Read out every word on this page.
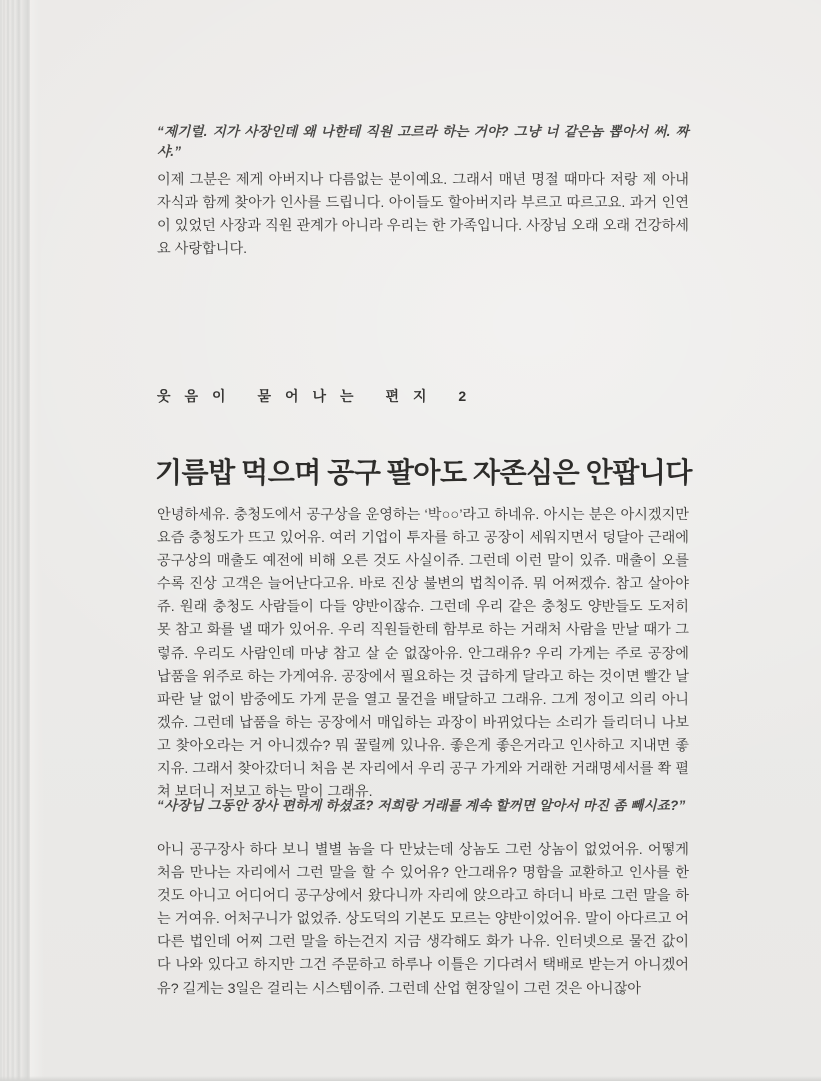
“제기럴. 지가 사장인데 왜 나한테 직원 고르라 하는 거야? 그냥 너 같은놈 뽑아서 써. 짜샤.”
이제 그분은 제게 아버지나 다름없는 분이예요. 그래서 매년 명절 때마다 저랑 제 아내 자식과 함께 찾아가 인사를 드립니다. 아이들도 할아버지라 부르고 따르고요. 과거 인연이 있었던 사장과 직원 관계가 아니라 우리는 한 가족입니다. 사장님 오래 오래 건강하세요 사랑합니다.
웃음이 묻어나는 편지 2
기름밥 먹으며 공구 팔아도 자존심은 안팝니다
안녕하세유. 충청도에서 공구상을 운영하는 ‘박○○’라고 하네유. 아시는 분은 아시겠지만 요즘 충청도가 뜨고 있어유. 여러 기업이 투자를 하고 공장이 세워지면서 덩달아 근래에 공구상의 매출도 예전에 비해 오른 것도 사실이쥬. 그런데 이런 말이 있쥬. 매출이 오를수록 진상 고객은 늘어난다고유. 바로 진상 불변의 법칙이쥬. 뭐 어쩌겠슈. 참고 살아야쥬. 원래 충청도 사람들이 다들 양반이잖슈. 그런데 우리 같은 충청도 양반들도 도저히 못 참고 화를 낼 때가 있어유. 우리 직원들한테 함부로 하는 거래처 사람을 만날 때가 그렇쥬. 우리도 사람인데 마냥 참고 살 순 없잖아유. 안그래유? 우리 가게는 주로 공장에 납품을 위주로 하는 가게여유. 공장에서 필요하는 것 급하게 달라고 하는 것이면 빨간 날 파란 날 없이 밤중에도 가게 문을 열고 물건을 배달하고 그래유. 그게 정이고 의리 아니겠슈. 그런데 납품을 하는 공장에서 매입하는 과장이 바뀌었다는 소리가 들리더니 나보고 찾아오라는 거 아니겠슈? 뭐 꿀릴께 있나유. 좋은게 좋은거라고 인사하고 지내면 좋지유. 그래서 찾아갔더니 처음 본 자리에서 우리 공구 가게와 거래한 거래명세서를 쫙 펼쳐 보더니 저보고 하는 말이 그래유.
“사장님 그동안 장사 편하게 하셨죠? 저희랑 거래를 계속 할꺼면 알아서 마진 좀 빼시죠?”
아니 공구장사 하다 보니 별별 놈을 다 만났는데 상놈도 그런 상놈이 없었어유. 어떻게 처음 만나는 자리에서 그런 말을 할 수 있어유? 안그래유? 명함을 교환하고 인사를 한 것도 아니고 어디어디 공구상에서 왔다니까 자리에 앉으라고 하더니 바로 그런 말을 하는 거여유. 어처구니가 없었쥬. 상도덕의 기본도 모르는 양반이었어유. 말이 아다르고 어다른 법인데 어찌 그런 말을 하는건지 지금 생각해도 화가 나유. 인터넷으로 물건 값이 다 나와 있다고 하지만 그건 주문하고 하루나 이틀은 기다려서 택배로 받는거 아니겠어유? 길게는 3일은 걸리는 시스템이쥬. 그런데 산업 현장일이 그런 것은 아니잖아
